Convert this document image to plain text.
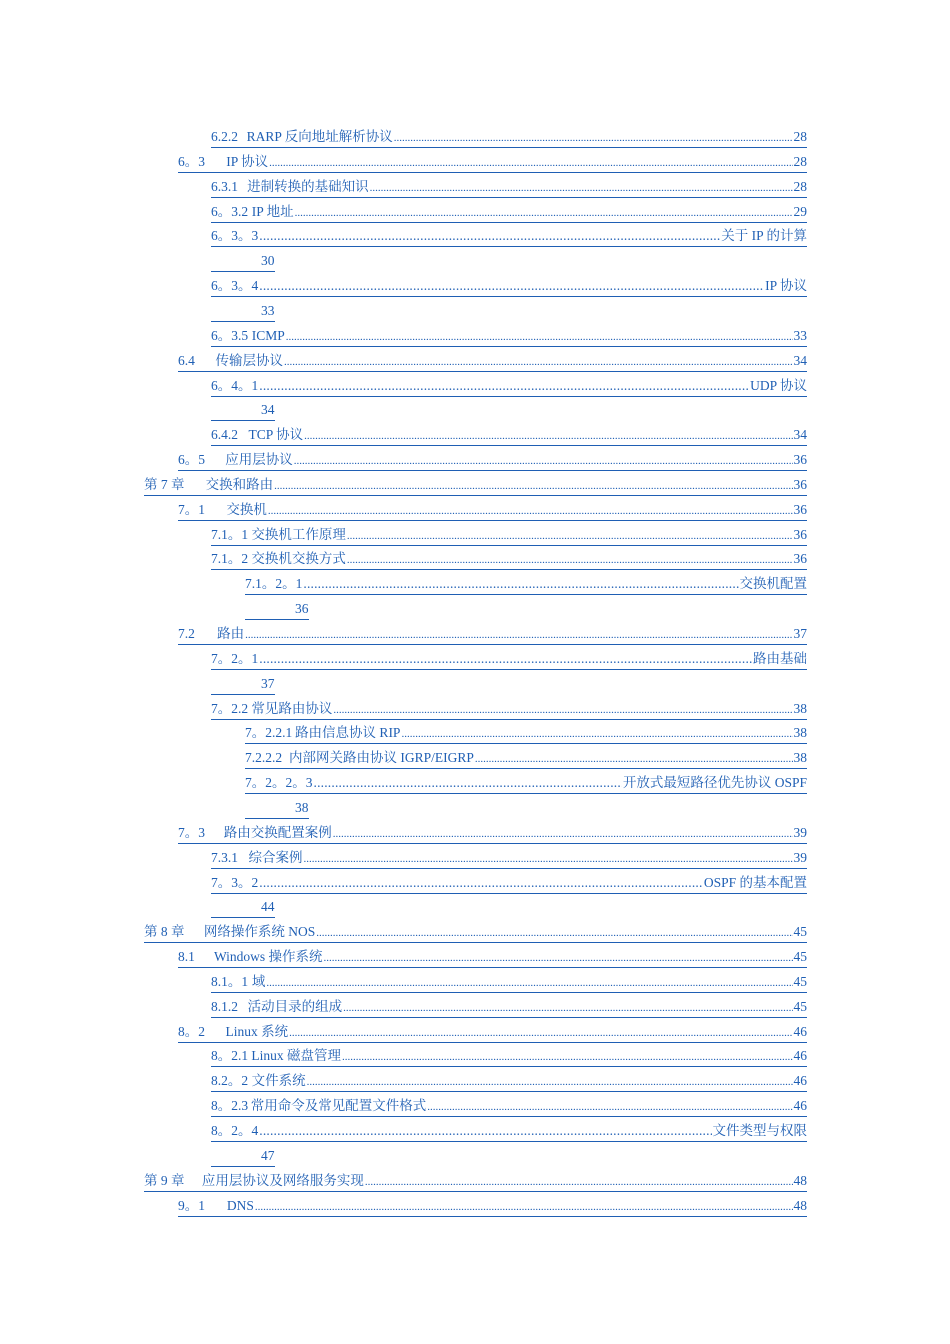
6.2.2 RARP 反向地址解析协议 .....	28
6。3 IP 协议 .....	28
6.3.1 进制转换的基础知识 .....	28
6。3.2 IP 地址 .....	29
6。3。3 .....	关于 IP 的计算
30
6。3。4 .....	IP 协议
33
6。3.5 ICMP .....	33
6.4 传输层协议 .....	34
6。4。1 .....	UDP 协议
34
6.4.2 TCP 协议 .....	34
6。5 应用层协议 .....	36
第 7 章 交换和路由 .....	36
7。1 交换机 .....	36
7.1。1 交换机工作原理 .....	36
7.1。2 交换机交换方式 .....	36
7.1。2。1 .....	交换机配置
36
7.2 路由 .....	37
7。2。1 .....	路由基础
37
7。2.2 常见路由协议 .....	38
7。2.2.1 路由信息协议 RIP .....	38
7.2.2.2 内部网关路由协议 IGRP/EIGRP .....	38
7。2。2。3 .....	开放式最短路径优先协议 OSPF
38
7。3 路由交换配置案例 .....	39
7.3.1 综合案例 .....	39
7。3。2 .....	OSPF 的基本配置
44
第 8 章 网络操作系统 NOS .....	45
8.1 Windows 操作系统 .....	45
8.1。1 域 .....	45
8.1.2 活动目录的组成 .....	45
8。2 Linux 系统 .....	46
8。2.1 Linux 磁盘管理 .....	46
8.2。2 文件系统 .....	46
8。2.3 常用命令及常见配置文件格式 .....	46
8。2。4 .....	文件类型与权限
47
第 9 章 应用层协议及网络服务实现 .....	48
9。1 DNS .....	48
